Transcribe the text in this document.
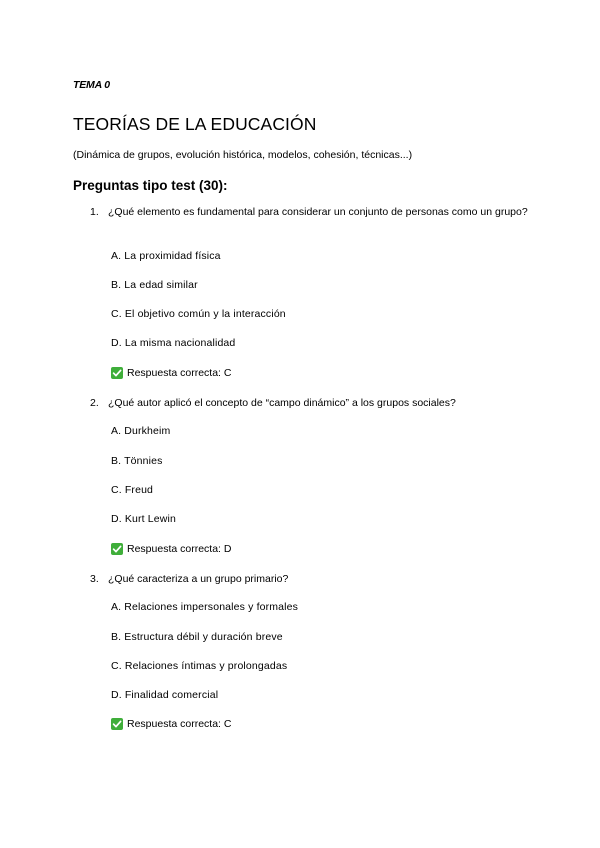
TEMA 0
TEORÍAS DE LA EDUCACIÓN
(Dinámica de grupos, evolución histórica, modelos, cohesión, técnicas...)
Preguntas tipo test (30):
1. ¿Qué elemento es fundamental para considerar un conjunto de personas como un grupo?
A. La proximidad física
B. La edad similar
C. El objetivo común y la interacción
D. La misma nacionalidad
Respuesta correcta: C
2. ¿Qué autor aplicó el concepto de “campo dinámico” a los grupos sociales?
A. Durkheim
B. Tönnies
C. Freud
D. Kurt Lewin
Respuesta correcta: D
3. ¿Qué caracteriza a un grupo primario?
A. Relaciones impersonales y formales
B. Estructura débil y duración breve
C. Relaciones íntimas y prolongadas
D. Finalidad comercial
Respuesta correcta: C
